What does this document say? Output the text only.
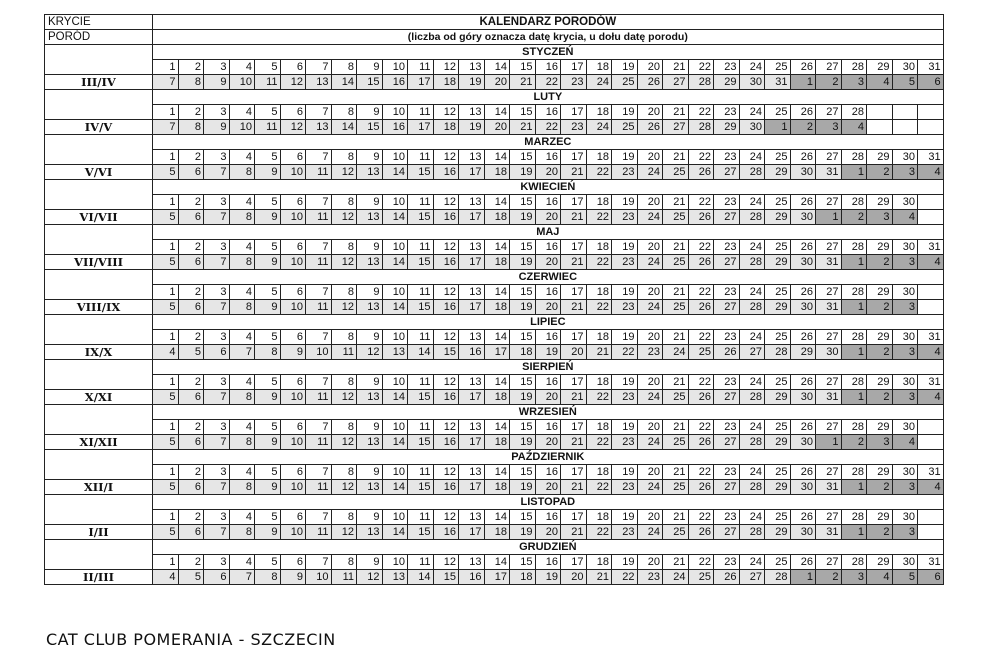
KRYCIE	KALENDARZ PORODÓW																														
PORÓD	(liczba od góry oznacza datę krycia, u dołu datę porodu)																														
	STYCZEŃ																														
	1	2	3	4	5	6	7	8	9	10	11	12	13	14	15	16	17	18	19	20	21	22	23	24	25	26	27	28	29	30	31
III/IV	7	8	9	10	11	12	13	14	15	16	17	18	19	20	21	22	23	24	25	26	27	28	29	30	31	1	2	3	4	5	6
	LUTY																														
	1	2	3	4	5	6	7	8	9	10	11	12	13	14	15	16	17	18	19	20	21	22	23	24	25	26	27	28			
IV/V	7	8	9	10	11	12	13	14	15	16	17	18	19	20	21	22	23	24	25	26	27	28	29	30	1	2	3	4			
	MARZEC																														
	1	2	3	4	5	6	7	8	9	10	11	12	13	14	15	16	17	18	19	20	21	22	23	24	25	26	27	28	29	30	31
V/VI	5	6	7	8	9	10	11	12	13	14	15	16	17	18	19	20	21	22	23	24	25	26	27	28	29	30	31	1	2	3	4
	KWIECIEŃ																														
	1	2	3	4	5	6	7	8	9	10	11	12	13	14	15	16	17	18	19	20	21	22	23	24	25	26	27	28	29	30	
VI/VII	5	6	7	8	9	10	11	12	13	14	15	16	17	18	19	20	21	22	23	24	25	26	27	28	29	30	1	2	3	4	
	MAJ																														
	1	2	3	4	5	6	7	8	9	10	11	12	13	14	15	16	17	18	19	20	21	22	23	24	25	26	27	28	29	30	31
VII/VIII	5	6	7	8	9	10	11	12	13	14	15	16	17	18	19	20	21	22	23	24	25	26	27	28	29	30	31	1	2	3	4
	CZERWIEC																														
	1	2	3	4	5	6	7	8	9	10	11	12	13	14	15	16	17	18	19	20	21	22	23	24	25	26	27	28	29	30	
VIII/IX	5	6	7	8	9	10	11	12	13	14	15	16	17	18	19	20	21	22	23	24	25	26	27	28	29	30	31	1	2	3	
	LIPIEC																														
	1	2	3	4	5	6	7	8	9	10	11	12	13	14	15	16	17	18	19	20	21	22	23	24	25	26	27	28	29	30	31
IX/X	4	5	6	7	8	9	10	11	12	13	14	15	16	17	18	19	20	21	22	23	24	25	26	27	28	29	30	1	2	3	4
	SIERPIEŃ																														
	1	2	3	4	5	6	7	8	9	10	11	12	13	14	15	16	17	18	19	20	21	22	23	24	25	26	27	28	29	30	31
X/XI	5	6	7	8	9	10	11	12	13	14	15	16	17	18	19	20	21	22	23	24	25	26	27	28	29	30	31	1	2	3	4
	WRZESIEŃ																														
	1	2	3	4	5	6	7	8	9	10	11	12	13	14	15	16	17	18	19	20	21	22	23	24	25	26	27	28	29	30	
XI/XII	5	6	7	8	9	10	11	12	13	14	15	16	17	18	19	20	21	22	23	24	25	26	27	28	29	30	1	2	3	4	
	PAŹDZIERNIK																														
	1	2	3	4	5	6	7	8	9	10	11	12	13	14	15	16	17	18	19	20	21	22	23	24	25	26	27	28	29	30	31
XII/I	5	6	7	8	9	10	11	12	13	14	15	16	17	18	19	20	21	22	23	24	25	26	27	28	29	30	31	1	2	3	4
	LISTOPAD																														
	1	2	3	4	5	6	7	8	9	10	11	12	13	14	15	16	17	18	19	20	21	22	23	24	25	26	27	28	29	30	
I/II	5	6	7	8	9	10	11	12	13	14	15	16	17	18	19	20	21	22	23	24	25	26	27	28	29	30	31	1	2	3	
	GRUDZIEŃ																														
	1	2	3	4	5	6	7	8	9	10	11	12	13	14	15	16	17	18	19	20	21	22	23	24	25	26	27	28	29	30	31
II/III	4	5	6	7	8	9	10	11	12	13	14	15	16	17	18	19	20	21	22	23	24	25	26	27	28	1	2	3	4	5	6
CAT CLUB POMERANIA - SZCZECIN
